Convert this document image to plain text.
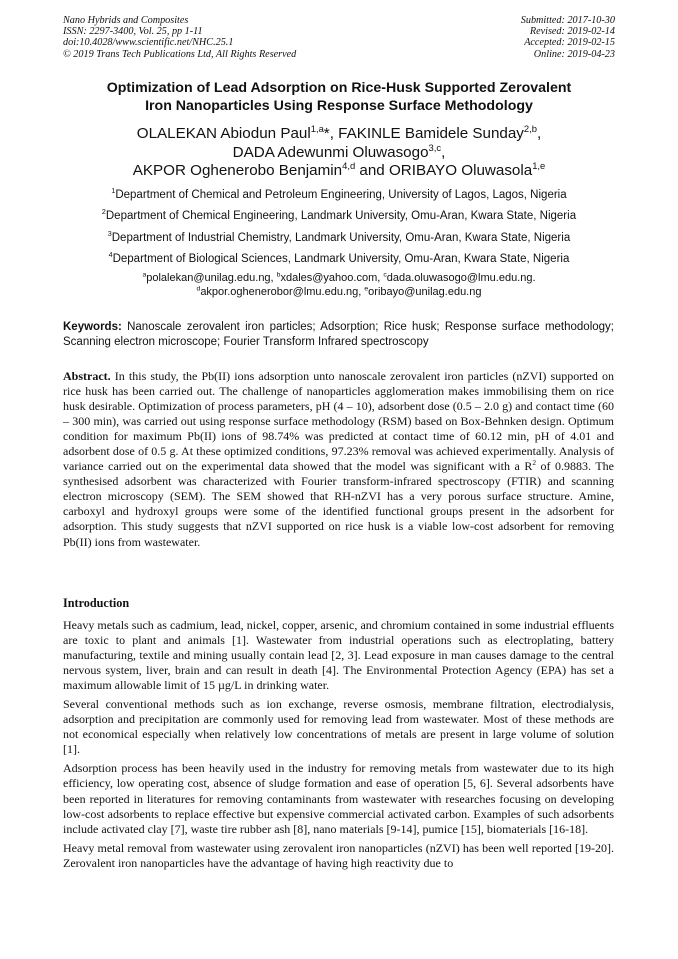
Nano Hybrids and Composites
ISSN: 2297-3400, Vol. 25, pp 1-11
doi:10.4028/www.scientific.net/NHC.25.1
© 2019 Trans Tech Publications Ltd, All Rights Reserved
Submitted: 2017-10-30
Revised: 2019-02-14
Accepted: 2019-02-15
Online: 2019-04-23
Optimization of Lead Adsorption on Rice-Husk Supported Zerovalent
Iron Nanoparticles Using Response Surface Methodology
OLALEKAN Abiodun Paul$^{1,a}$*, FAKINLE Bamidele Sunday$^{2,b}$,
DADA Adewunmi Oluwasogo$^{3,c}$,
AKPOR Oghenerobo Benjamin$^{4,d}$ and ORIBAYO Oluwasola$^{1,e}$
$^1$Department of Chemical and Petroleum Engineering, University of Lagos, Lagos, Nigeria
$^2$Department of Chemical Engineering, Landmark University, Omu-Aran, Kwara State, Nigeria
$^3$Department of Industrial Chemistry, Landmark University, Omu-Aran, Kwara State, Nigeria
$^4$Department of Biological Sciences, Landmark University, Omu-Aran, Kwara State, Nigeria
$^a$polalekan@unilag.edu.ng, $^b$xdales@yahoo.com, $^c$dada.oluwasogo@lmu.edu.ng.
$^d$akpor.oghenerobor@lmu.edu.ng, $^e$oribayo@unilag.edu.ng
Keywords: Nanoscale zerovalent iron particles; Adsorption; Rice husk; Response surface methodology; Scanning electron microscope; Fourier Transform Infrared spectroscopy
Abstract. In this study, the Pb(II) ions adsorption unto nanoscale zerovalent iron particles (nZVI) supported on rice husk has been carried out. The challenge of nanoparticles agglomeration makes immobilising them on rice husk desirable. Optimization of process parameters, pH (4 – 10), adsorbent dose (0.5 – 2.0 g) and contact time (60 – 300 min), was carried out using response surface methodology (RSM) based on Box-Behnken design. Optimum condition for maximum Pb(II) ions of 98.74% was predicted at contact time of 60.12 min, pH of 4.01 and adsorbent dose of 0.5 g. At these optimized conditions, 97.23% removal was achieved experimentally. Analysis of variance carried out on the experimental data showed that the model was significant with a $R^2$ of 0.9883. The synthesised adsorbent was characterized with Fourier transform-infrared spectroscopy (FTIR) and scanning electron microscopy (SEM). The SEM showed that RH-nZVI has a very porous surface structure. Amine, carboxyl and hydroxyl groups were some of the identified functional groups present in the adsorbent for adsorption. This study suggests that nZVI supported on rice husk is a viable low-cost adsorbent for removing Pb(II) ions from wastewater.
Introduction

Heavy metals such as cadmium, lead, nickel, copper, arsenic, and chromium contained in some industrial effluents are toxic to plant and animals [1]. Wastewater from industrial operations such as electroplating, battery manufacturing, textile and mining usually contain lead [2, 3]. Lead exposure in man causes damage to the central nervous system, liver, brain and can result in death [4]. The Environmental Protection Agency (EPA) has set a maximum allowable limit of 15 µg/L in drinking water.

Several conventional methods such as ion exchange, reverse osmosis, membrane filtration, electrodialysis, adsorption and precipitation are commonly used for removing lead from wastewater. Most of these methods are not economical especially when relatively low concentrations of metals are present in large volume of solution [1].

Adsorption process has been heavily used in the industry for removing metals from wastewater due to its high efficiency, low operating cost, absence of sludge formation and ease of operation [5, 6]. Several adsorbents have been reported in literatures for removing contaminants from wastewater with researches focusing on developing low-cost adsorbents to replace effective but expensive commercial activated carbon. Examples of such adsorbents include activated clay [7], waste tire rubber ash [8], nano materials [9-14], pumice [15], biomaterials [16-18].

Heavy metal removal from wastewater using zerovalent iron nanoparticles (nZVI) has been well reported [19-20]. Zerovalent iron nanoparticles have the advantage of having high reactivity due to
